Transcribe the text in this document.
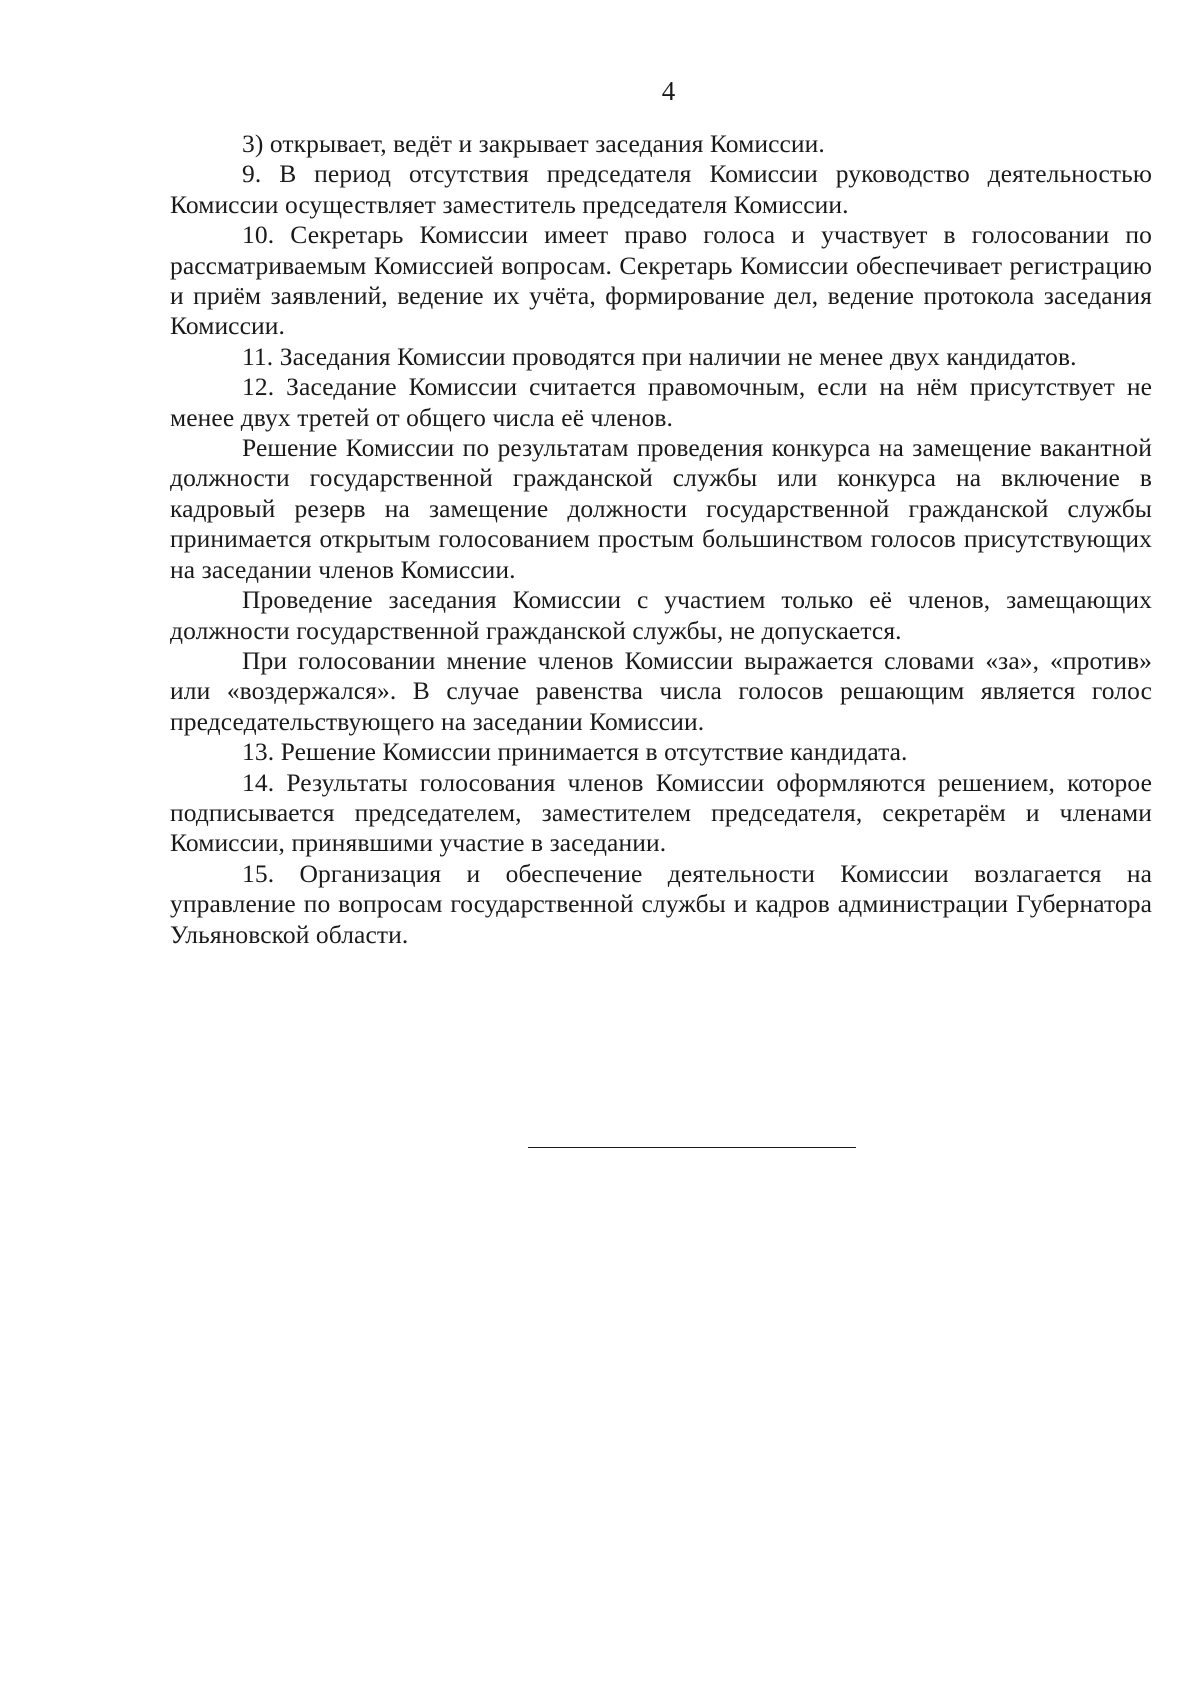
4

3) открывает, ведёт и закрывает заседания Комиссии.

9. В период отсутствия председателя Комиссии руководство деятельностью Комиссии осуществляет заместитель председателя Комиссии.

10. Секретарь Комиссии имеет право голоса и участвует в голосовании по рассматриваемым Комиссией вопросам. Секретарь Комиссии обеспечивает регистрацию и приём заявлений, ведение их учёта, формирование дел, ведение протокола заседания Комиссии.

11. Заседания Комиссии проводятся при наличии не менее двух кандидатов.

12. Заседание Комиссии считается правомочным, если на нём присутствует не менее двух третей от общего числа её членов.

Решение Комиссии по результатам проведения конкурса на замещение вакантной должности государственной гражданской службы или конкурса на включение в кадровый резерв на замещение должности государственной гражданской службы принимается открытым голосованием простым большинством голосов присутствующих на заседании членов Комиссии.

Проведение заседания Комиссии с участием только её членов, замещающих должности государственной гражданской службы, не допускается.

При голосовании мнение членов Комиссии выражается словами «за», «против» или «воздержался». В случае равенства числа голосов решающим является голос председательствующего на заседании Комиссии.

13. Решение Комиссии принимается в отсутствие кандидата.

14. Результаты голосования членов Комиссии оформляются решением, которое подписывается председателем, заместителем председателя, секретарём и членами Комиссии, принявшими участие в заседании.

15. Организация и обеспечение деятельности Комиссии возлагается на управление по вопросам государственной службы и кадров администрации Губернатора Ульяновской области.
